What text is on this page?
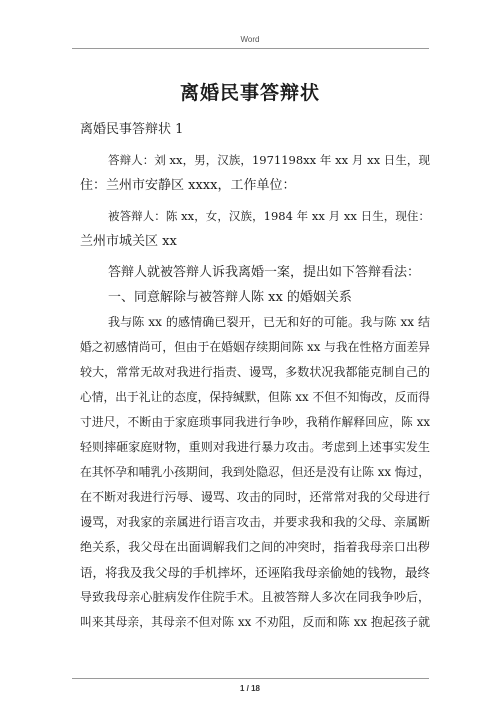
Word
离婚民事答辩状
离婚民事答辩状 1
答辩人：刘 xx，男，汉族，1971198xx 年 xx 月 xx 日生，现
住：兰州市安静区 xxxx，工作单位：
被答辩人：陈 xx，女，汉族，1984 年 xx 月 xx 日生，现住：
兰州市城关区 xx
答辩人就被答辩人诉我离婚一案，提出如下答辩看法：
一、同意解除与被答辩人陈 xx 的婚姻关系
我与陈 xx 的感情确已裂开，已无和好的可能。我与陈 xx 结
婚之初感情尚可，但由于在婚姻存续期间陈 xx 与我在性格方面差异
较大，常常无故对我进行指责、谩骂，多数状况我都能克制自己的
心情，出于礼让的态度，保持缄默，但陈 xx 不但不知悔改，反而得
寸进尺，不断由于家庭琐事同我进行争吵，我稍作解释回应，陈 xx
轻则摔砸家庭财物，重则对我进行暴力攻击。考虑到上述事实发生
在其怀孕和哺乳小孩期间，我到处隐忍，但还是没有让陈 xx 悔过，
在不断对我进行污辱、谩骂、攻击的同时，还常常对我的父母进行
谩骂，对我家的亲属进行语言攻击，并要求我和我的父母、亲属断
绝关系，我父母在出面调解我们之间的冲突时，指着我母亲口出秽
语，将我及我父母的手机摔坏，还诬陷我母亲偷她的钱物，最终
导致我母亲心脏病发作住院手术。且被答辩人多次在同我争吵后，
叫来其母亲，其母亲不但对陈 xx 不劝阻，反而和陈 xx 抱起孩子就
1 / 18
